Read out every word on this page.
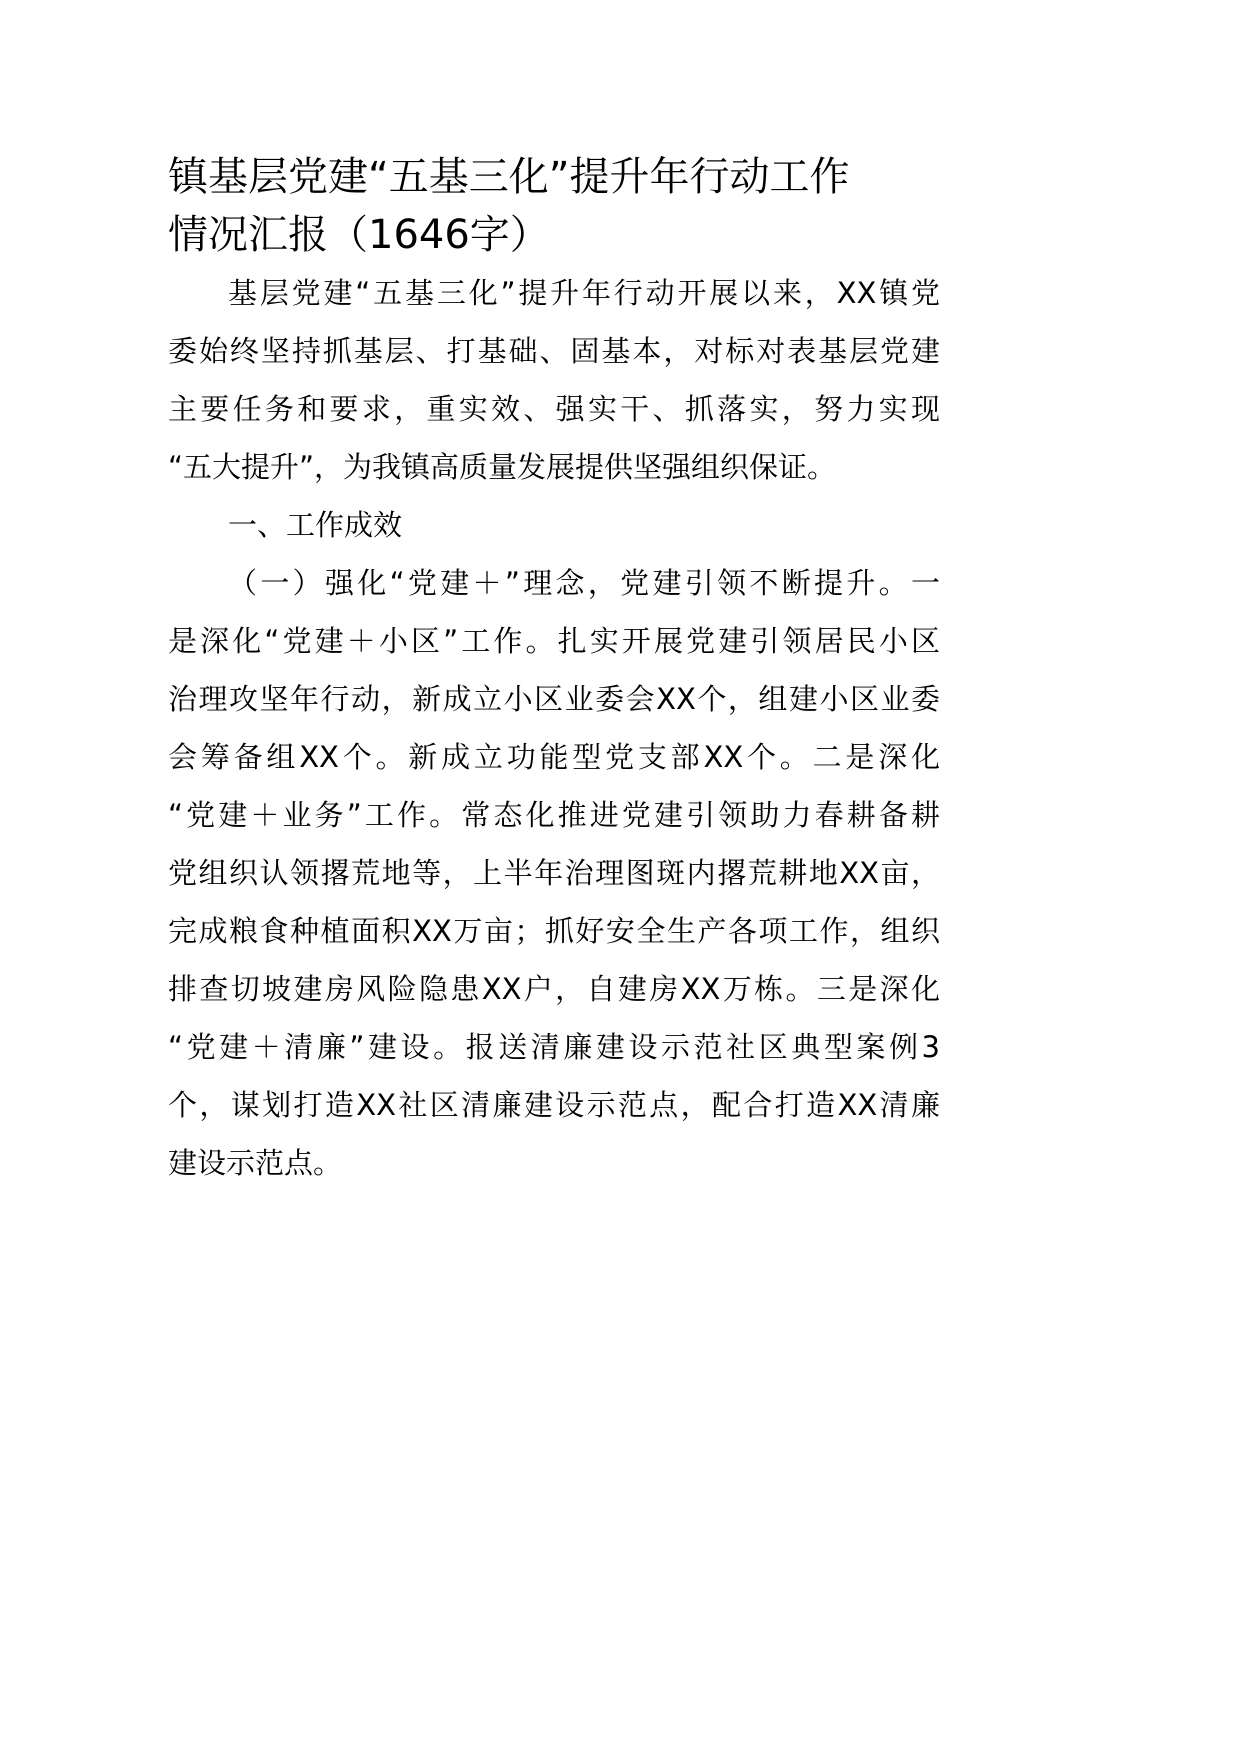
镇基层党建“五基三化”提升年行动工作
情况汇报（1646字）
基层党建“五基三化”提升年行动开展以来，XX镇党
委始终坚持抓基层、打基础、固基本，对标对表基层党建
主要任务和要求，重实效、强实干、抓落实，努力实现
“五大提升”，为我镇高质量发展提供坚强组织保证。
一、工作成效
（一）强化“党建＋”理念，党建引领不断提升。一
是深化“党建＋小区”工作。扎实开展党建引领居民小区
治理攻坚年行动，新成立小区业委会XX个，组建小区业委
会筹备组XX个。新成立功能型党支部XX个。二是深化
“党建＋业务”工作。常态化推进党建引领助力春耕备耕
党组织认领撂荒地等，上半年治理图斑内撂荒耕地XX亩，
完成粮食种植面积XX万亩；抓好安全生产各项工作，组织
排查切坡建房风险隐患XX户，自建房XX万栋。三是深化
“党建＋清廉”建设。报送清廉建设示范社区典型案例3
个，谋划打造XX社区清廉建设示范点，配合打造XX清廉
建设示范点。
